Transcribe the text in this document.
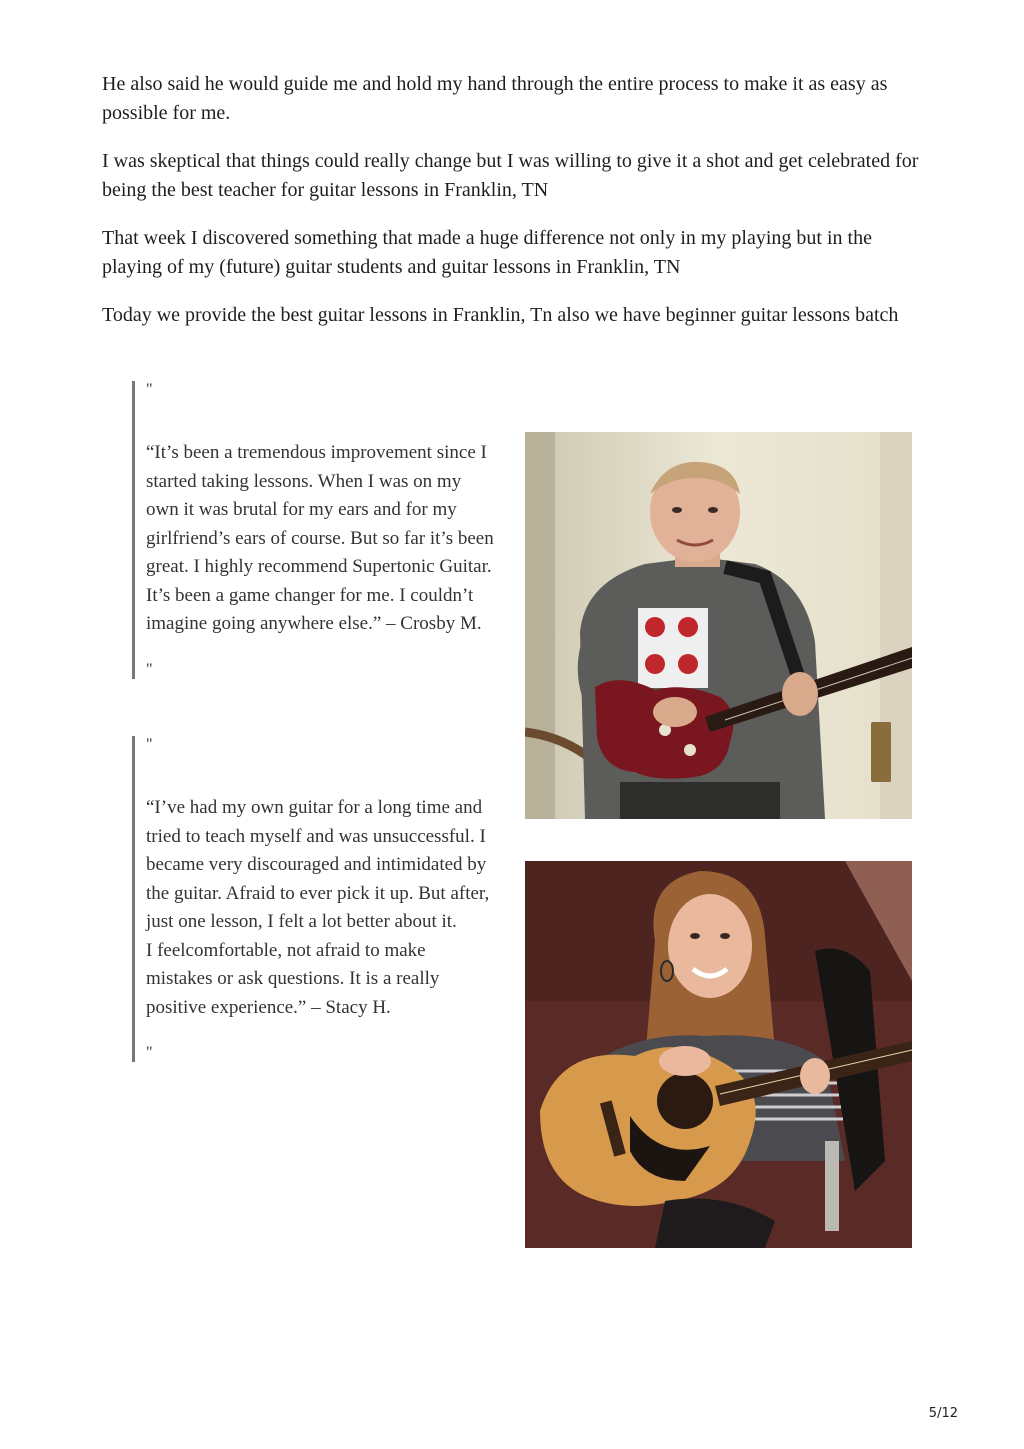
He also said he would guide me and hold my hand through the entire process to make it as easy as possible for me.

I was skeptical that things could really change but I was willing to give it a shot and get celebrated for being the best teacher for guitar lessons in Franklin, TN

That week I discovered something that made a huge difference not only in my playing but in the playing of my (future) guitar students and guitar lessons in Franklin, TN

Today we provide the best guitar lessons in Franklin, Tn also we have beginner guitar lessons batch

"

“It’s been a tremendous improvement since I started taking lessons. When I was on my own it was brutal for my ears and for my girlfriend’s ears of course. But so far it’s been great. I highly recommend Supertonic Guitar. It’s been a game changer for me. I couldn’t imagine going anywhere else.” – Crosby M.

"
"

“I’ve had my own guitar for a long time and tried to teach myself and was unsuccessful. I became very discouraged and intimidated by the guitar. Afraid to ever pick it up. But after, just one lesson, I felt a lot better about it.

I feelcomfortable, not afraid to make mistakes or ask questions. It is a really positive experience.” – Stacy H.

"
5/12
